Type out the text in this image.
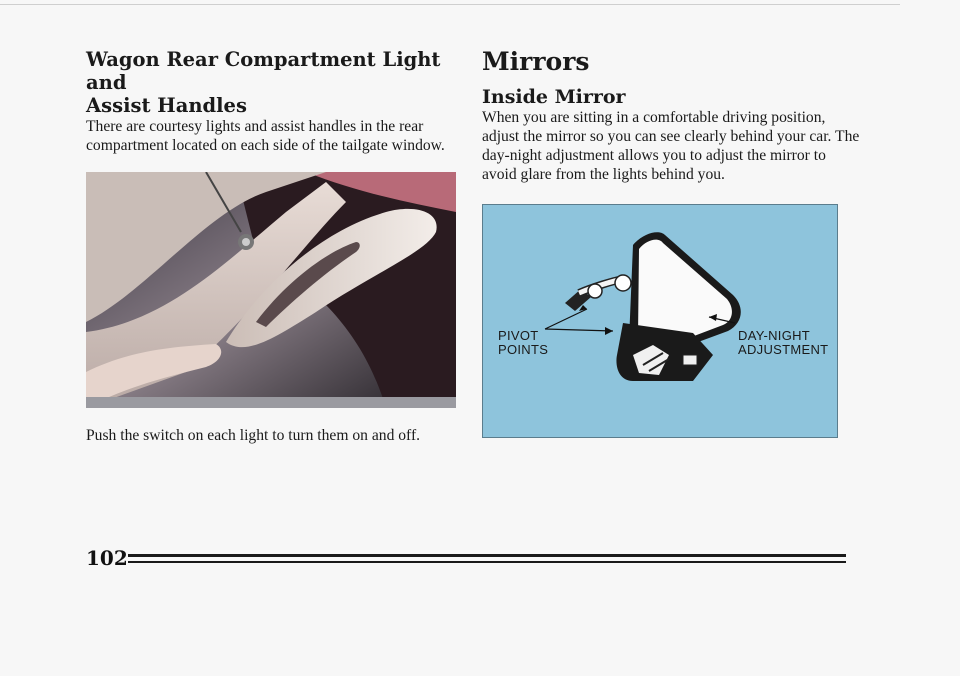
Wagon Rear Compartment Light and
Assist Handles

There are courtesy lights and assist handles in the rear compartment located on each side of the tailgate window.

Push the switch on each light to turn them on and off.

Mirrors
Inside Mirror

When you are sitting in a comfortable driving position, adjust the mirror so you can see clearly behind your car. The day-night adjustment allows you to adjust the mirror to avoid glare from the lights behind you.

PIVOT
POINTS
DAY-NIGHT
ADJUSTMENT
102
